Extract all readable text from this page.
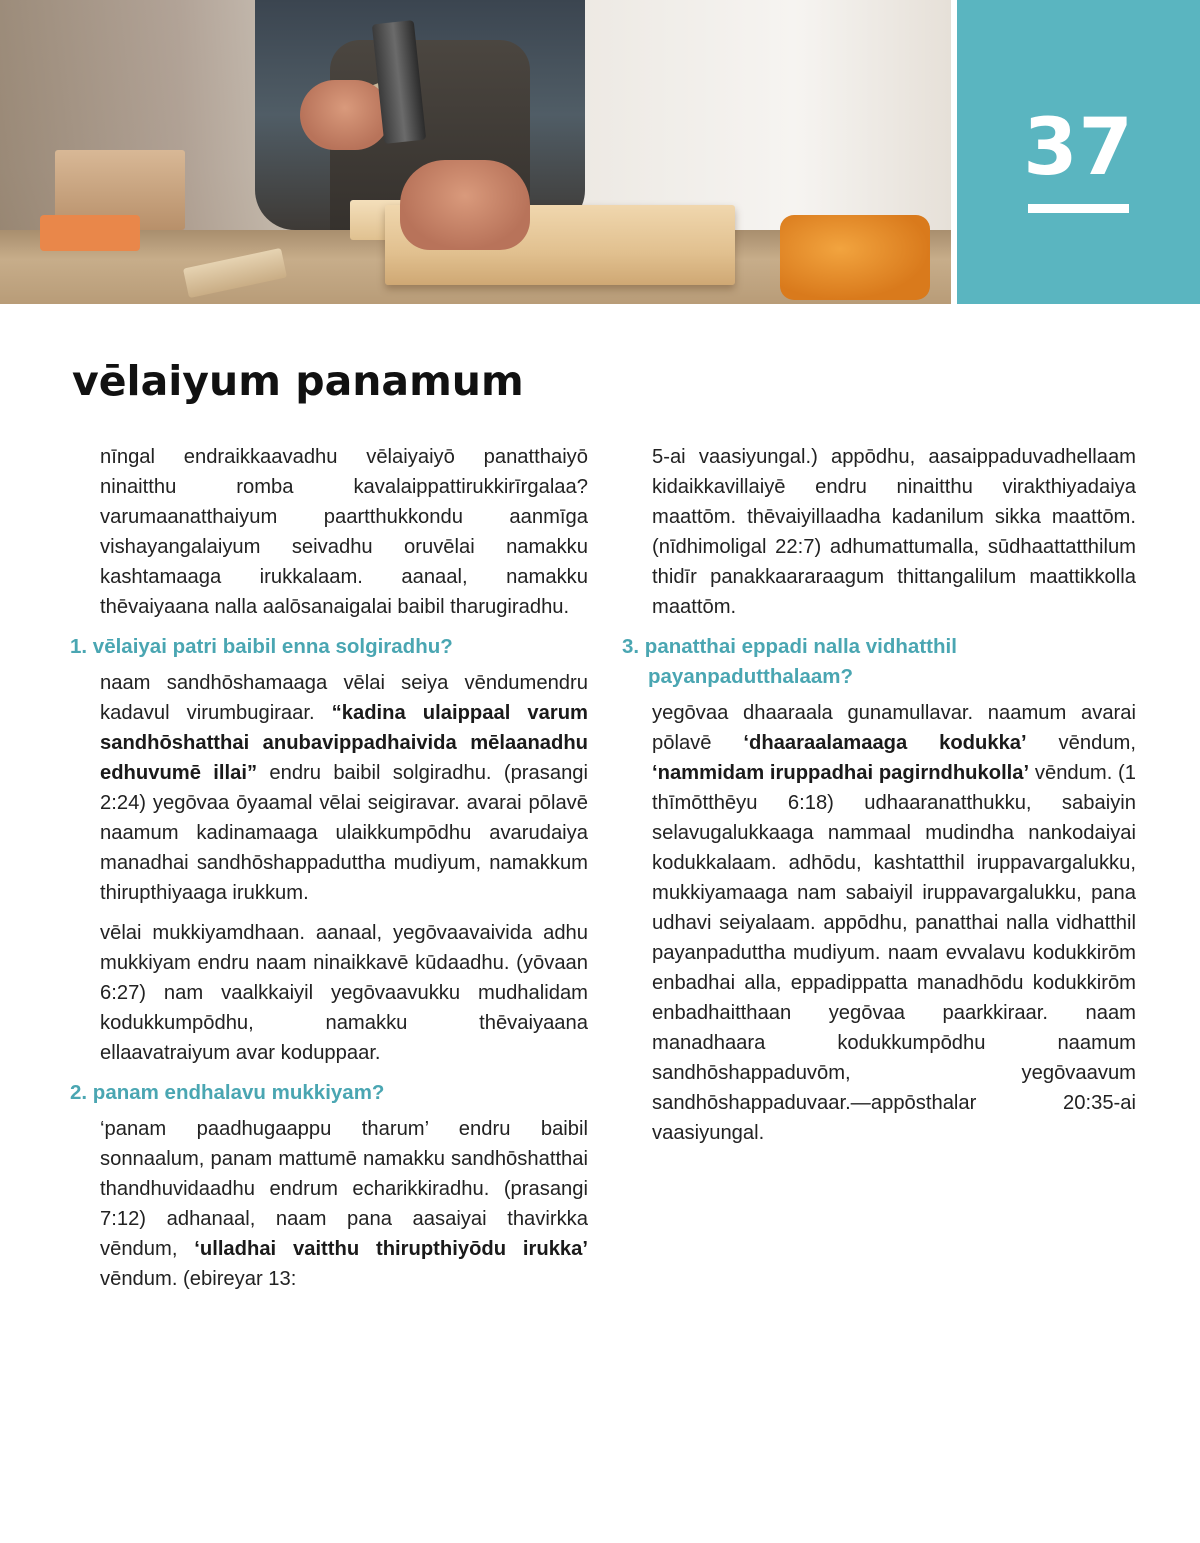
37
vēlaiyum panamum

nīngal endraikkaavadhu vēlaiyaiyō panatthaiyō ninaitthu romba kavalaippattirukkirīrgalaa? varumaanatthaiyum paartthukkondu aanmīga vishayangalaiyum seivadhu oruvēlai namakku kashtamaaga irukkalaam. aanaal, namakku thēvaiyaana nalla aalōsanaigalai baibil tharugiradhu.

1. vēlaiyai patri baibil enna solgiradhu?

naam sandhōshamaaga vēlai seiya vēndumendru kadavul virumbugiraar. “kadina ulaippaal varum sandhōshatthai anubavippadhaivida mēlaanadhu edhuvumē illai” endru baibil solgiradhu. (prasangi 2:24) yegōvaa ōyaamal vēlai seigiravar. avarai pōlavē naamum kadinamaaga ulaikkumpōdhu avarudaiya manadhai sandhōshappaduttha mudiyum, namakkum thirupthiyaaga irukkum.

vēlai mukkiyamdhaan. aanaal, yegōvaavaivida adhu mukkiyam endru naam ninaikkavē kūdaadhu. (yōvaan 6:27) nam vaalkkaiyil yegōvaavukku mudhalidam kodukkumpōdhu, namakku thēvaiyaana ellaavatraiyum avar koduppaar.

2. panam endhalavu mukkiyam?

‘panam paadhugaappu tharum’ endru baibil sonnaalum, panam mattumē namakku sandhōshatthai thandhuvidaadhu endrum echarikkiradhu. (prasangi 7:12) adhanaal, naam pana aasaiyai thavirkka vēndum, ‘ulladhai vaitthu thirupthiyōdu irukka’ vēndum. (ebireyar 13:

5-ai vaasiyungal.) appōdhu, aasaippaduvadhellaam kidaikkavillaiyē endru ninaitthu virakthiyadaiya maattōm. thēvaiyillaadha kadanilum sikka maattōm. (nīdhimoligal 22:7) adhumattumalla, sūdhaattatthilum thidīr panakkaararaagum thittangalilum maattikkolla maattōm.

3. panatthai eppadi nalla vidhatthil payanpadutthalaam?

yegōvaa dhaaraala gunamullavar. naamum avarai pōlavē ‘dhaaraalamaaga kodukka’ vēndum, ‘nammidam iruppadhai pagirndhukolla’ vēndum. (1 thīmōtthēyu 6:18) udhaaranatthukku, sabaiyin selavugalukkaaga nammaal mudindha nankodaiyai kodukkalaam. adhōdu, kashtatthil iruppavargalukku, mukkiyamaaga nam sabaiyil iruppavargalukku, pana udhavi seiyalaam. appōdhu, panatthai nalla vidhatthil payanpaduttha mudiyum. naam evvalavu kodukkirōm enbadhai alla, eppadippatta manadhōdu kodukkirōm enbadhaitthaan yegōvaa paarkkiraar. naam manadhaara kodukkumpōdhu naamum sandhōshappaduvōm, yegōvaavum sandhōshappaduvaar.—appōsthalar 20:35-ai vaasiyungal.
